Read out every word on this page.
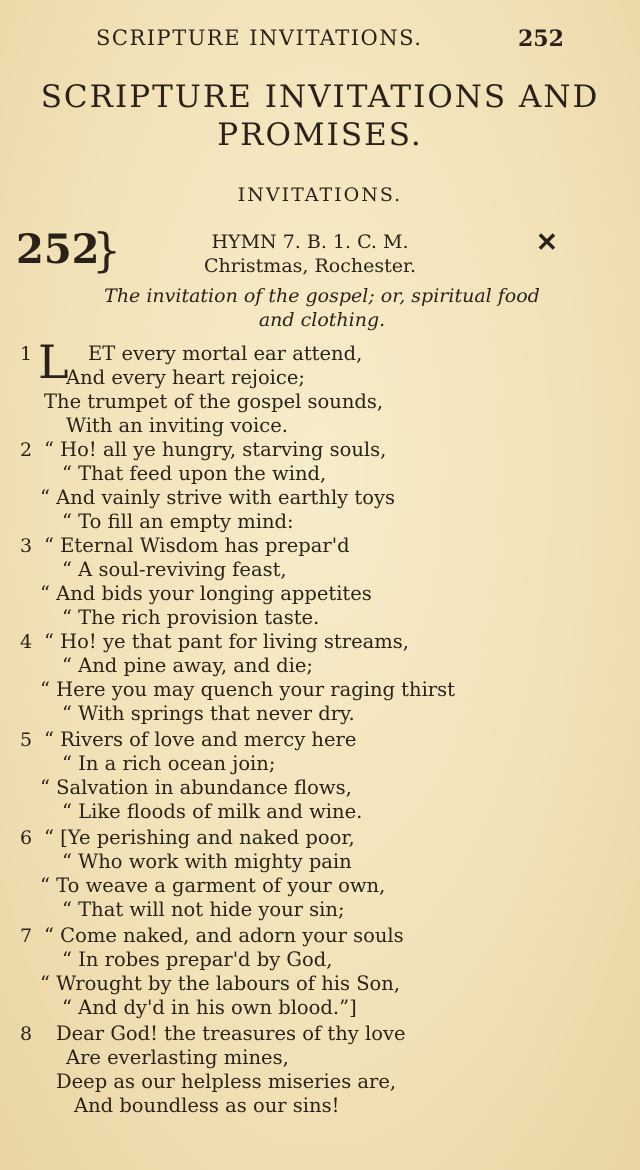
SCRIPTURE INVITATIONS.	252
SCRIPTURE INVITATIONS AND
PROMISES.
INVITATIONS.
252
}	HYMN 7. B. 1. C. M.
Christmas, Rochester.
✕
The invitation of the gospel; or, spiritual food
and clothing.
L
1	ET every mortal ear attend,
And every heart rejoice;
The trumpet of the gospel sounds,
With an inviting voice.
2 “ Ho! all ye hungry, starving souls,
“ That feed upon the wind,
“ And vainly strive with earthly toys
“ To fill an empty mind:
3 “ Eternal Wisdom has prepar'd
“ A soul-reviving feast,
“ And bids your longing appetites
“ The rich provision taste.
4 “ Ho! ye that pant for living streams,
“ And pine away, and die;
“ Here you may quench your raging thirst
“ With springs that never dry.
5 “ Rivers of love and mercy here
“ In a rich ocean join;
“ Salvation in abundance flows,
“ Like floods of milk and wine.
6 “ [Ye perishing and naked poor,
“ Who work with mighty pain
“ To weave a garment of your own,
“ That will not hide your sin;
7 “ Come naked, and adorn your souls
“ In robes prepar'd by God,
“ Wrought by the labours of his Son,
“ And dy'd in his own blood.”]
8 Dear God! the treasures of thy love
Are everlasting mines,
Deep as our helpless miseries are,
And boundless as our sins!
